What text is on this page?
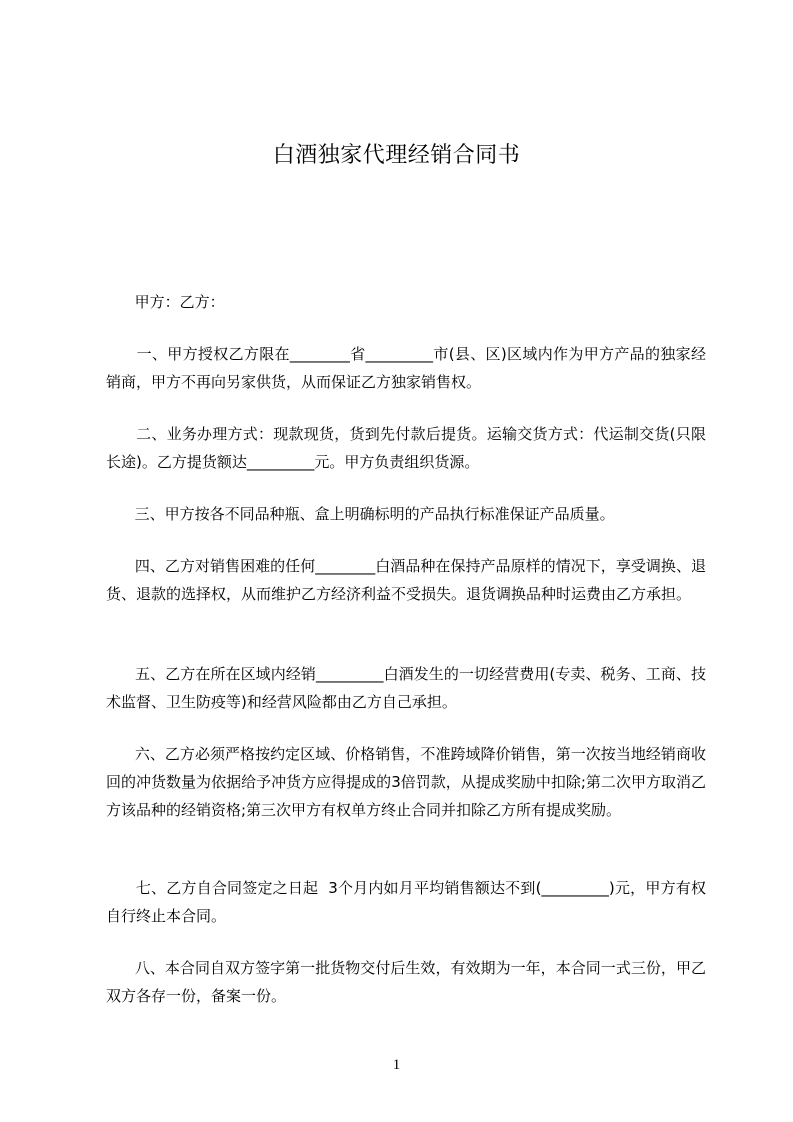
白酒独家代理经销合同书
甲方：乙方：
一、甲方授权乙方限在________省_________市(县、区)区域内作为甲方产品的独家经销商，甲方不再向另家供货，从而保证乙方独家销售权。
二、业务办理方式：现款现货，货到先付款后提货。运输交货方式：代运制交货(只限长途)。乙方提货额达_________元。甲方负责组织货源。
三、甲方按各不同品种瓶、盒上明确标明的产品执行标准保证产品质量。
四、乙方对销售困难的任何________白酒品种在保持产品原样的情况下，享受调换、退货、退款的选择权，从而维护乙方经济利益不受损失。退货调换品种时运费由乙方承担。
五、乙方在所在区域内经销_________白酒发生的一切经营费用(专卖、税务、工商、技术监督、卫生防疫等)和经营风险都由乙方自己承担。
六、乙方必须严格按约定区域、价格销售，不准跨域降价销售，第一次按当地经销商收回的冲货数量为依据给予冲货方应得提成的3倍罚款，从提成奖励中扣除;第二次甲方取消乙方该品种的经销资格;第三次甲方有权单方终止合同并扣除乙方所有提成奖励。
七、乙方自合同签定之日起  3个月内如月平均销售额达不到(_________)元，甲方有权自行终止本合同。
八、本合同自双方签字第一批货物交付后生效，有效期为一年，本合同一式三份，甲乙双方各存一份，备案一份。
1
